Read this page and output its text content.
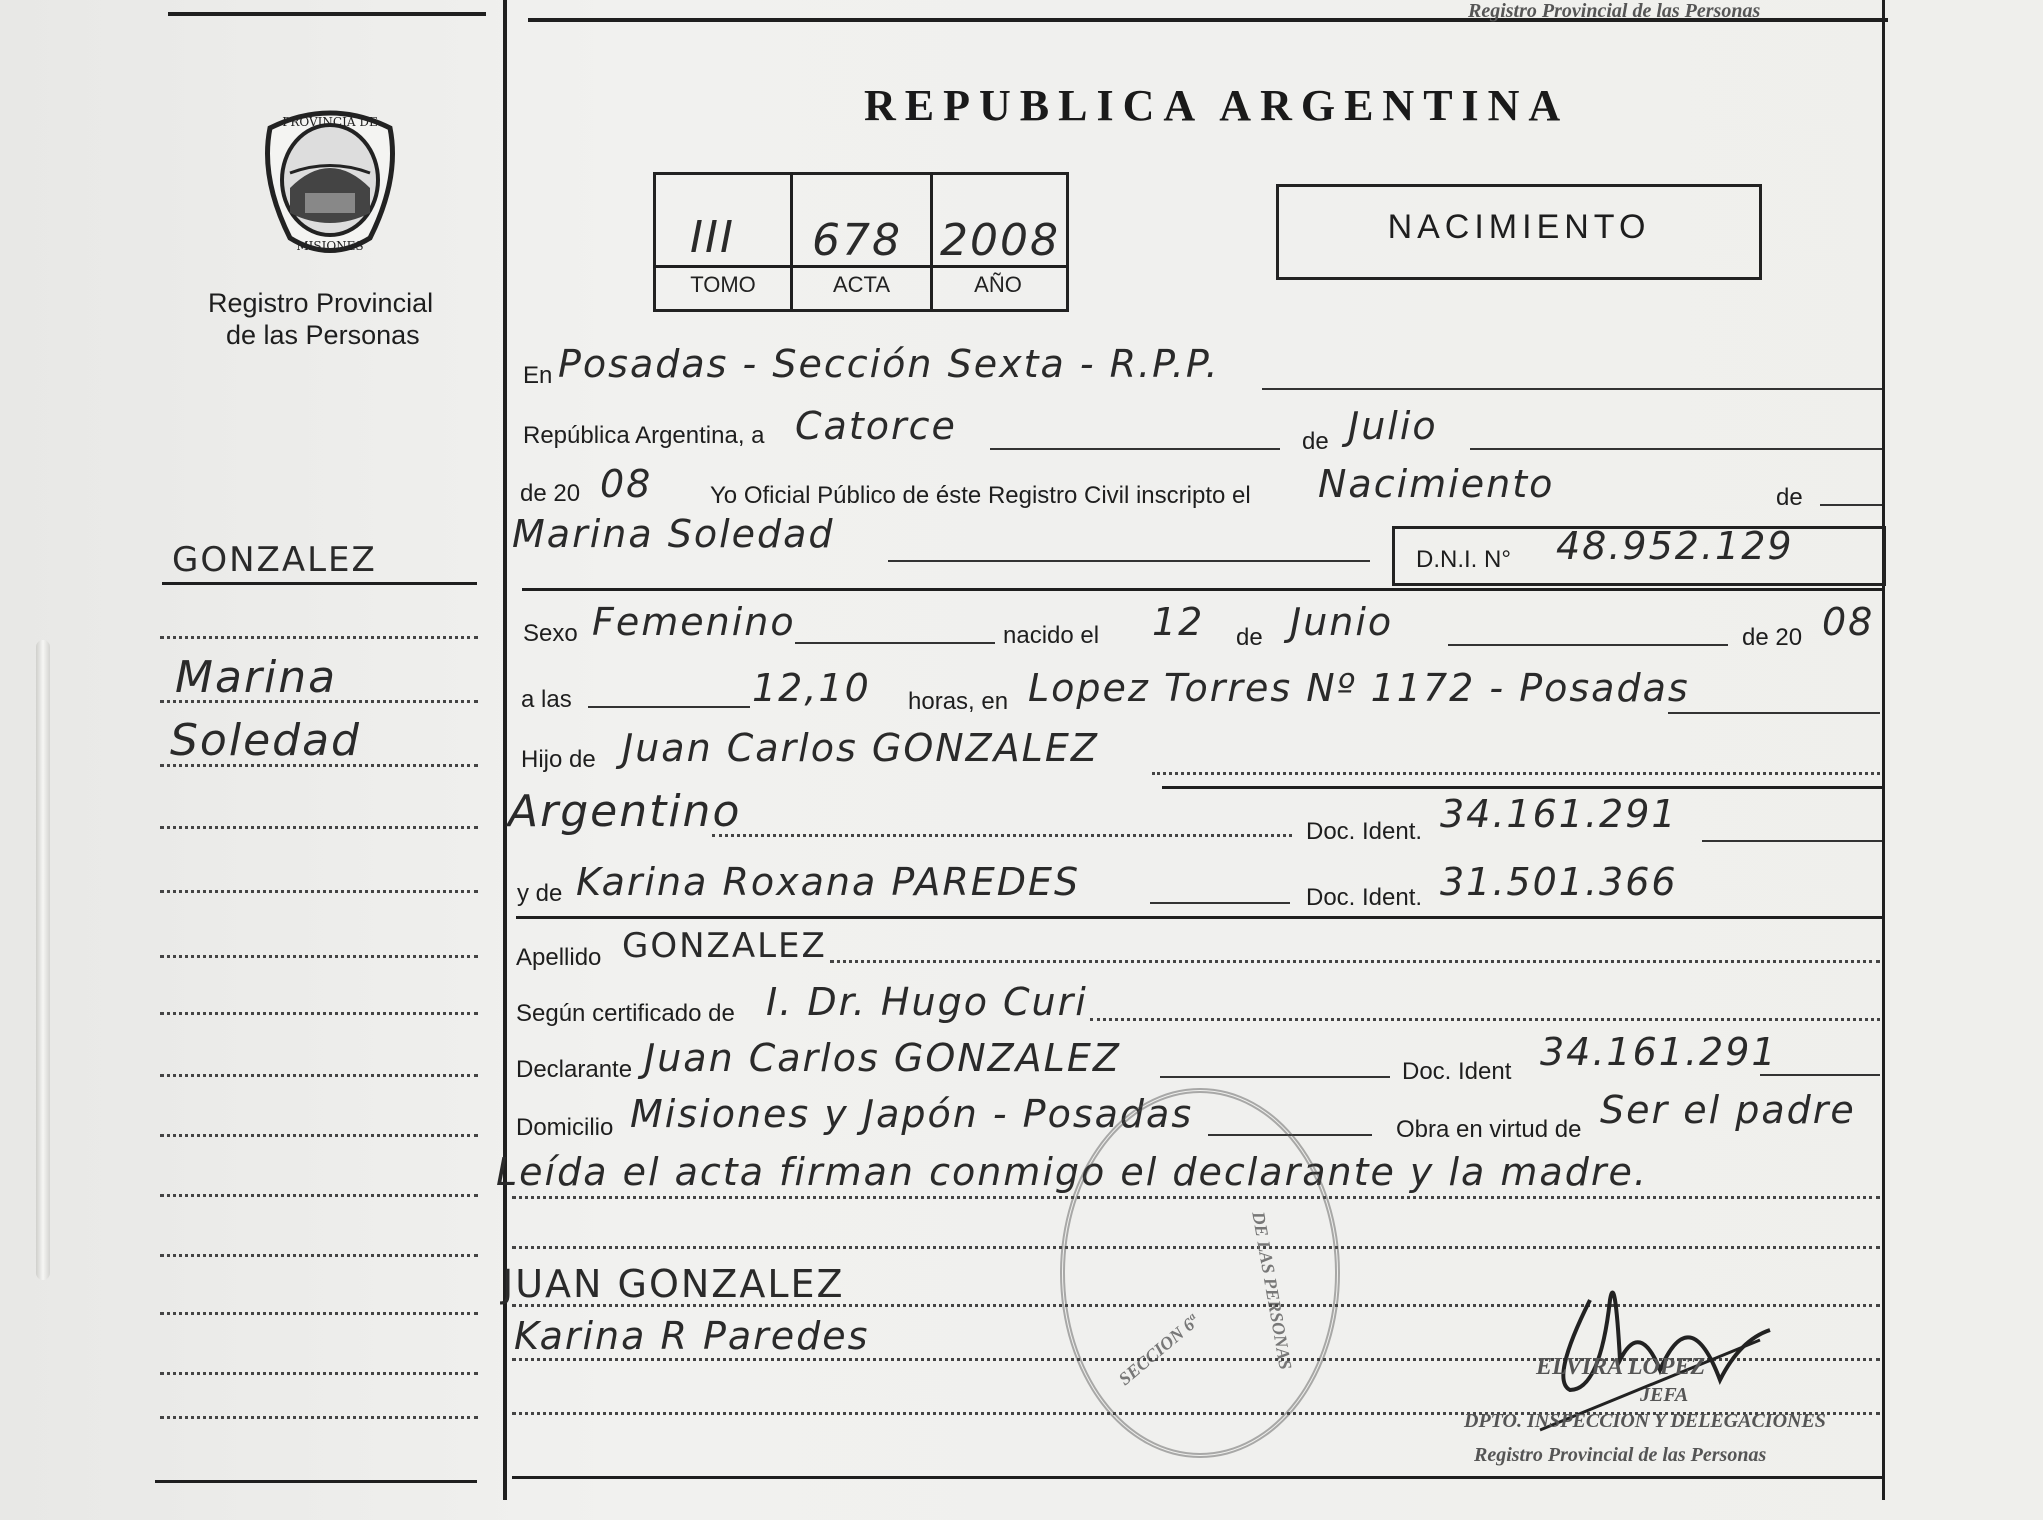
Registro Provincial de las Personas
PROVINCIA DE
MISIONES
Registro Provincial
de las Personas
REPUBLICA ARGENTINA
III 678 2008
TOMO	ACTA	AÑO
NACIMIENTO
GONZALEZ
Marina
Soledad
En Posadas - Sección Sexta - R.P.P.
República Argentina, a Catorce	de Julio
de 20 08 Yo Oficial Público de éste Registro Civil inscripto el Nacimiento	de
Marina Soledad
D.N.I. N° 48.952.129
Sexo Femenino	nacido el 12 de Junio	de 20 08
a las	12,10 horas, en Lopez Torres Nº 1172 - Posadas
Hijo de Juan Carlos GONZALEZ
Argentino	Doc. Ident. 34.161.291
y de Karina Roxana PAREDES	Doc. Ident. 31.501.366
Apellido GONZALEZ
Según certificado de I. Dr. Hugo Curi
Declarante Juan Carlos GONZALEZ	Doc. Ident 34.161.291
Domicilio Misiones y Japón - Posadas	Obra en virtud de Ser el padre
Leída el acta firman conmigo el declarante y la madre.
DE LAS PERSONAS
SECCION 6ª
JUAN GONZALEZ
Karina R Paredes
ELVIRA LOPEZ
JEFA
DPTO. INSPECCION Y DELEGACIONES
Registro Provincial de las Personas
